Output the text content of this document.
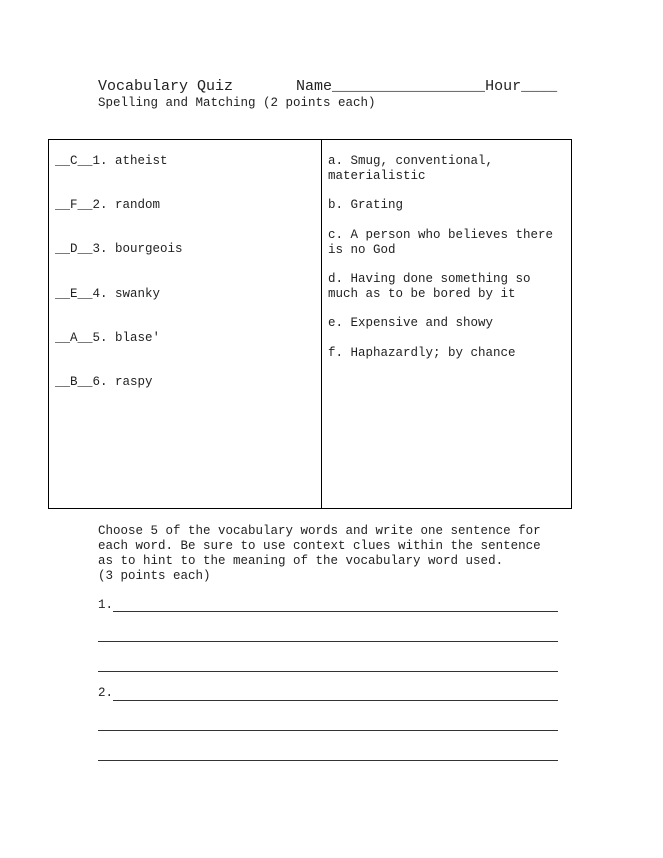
Vocabulary Quiz       Name_________________Hour____
Spelling and Matching (2 points each)
__C__1. atheist
__F__2. random
__D__3. bourgeois
__E__4. swanky
__A__5. blase'
__B__6. raspy
a. Smug, conventional, materialistic
b. Grating
c. A person who believes there is no God
d. Having done something so much as to be bored by it
e. Expensive and showy
f. Haphazardly; by chance
Choose 5 of the vocabulary words and write one sentence for each word. Be sure to use context clues within the sentence as to hint to the meaning of the vocabulary word used.
(3 points each)
1.
2.
